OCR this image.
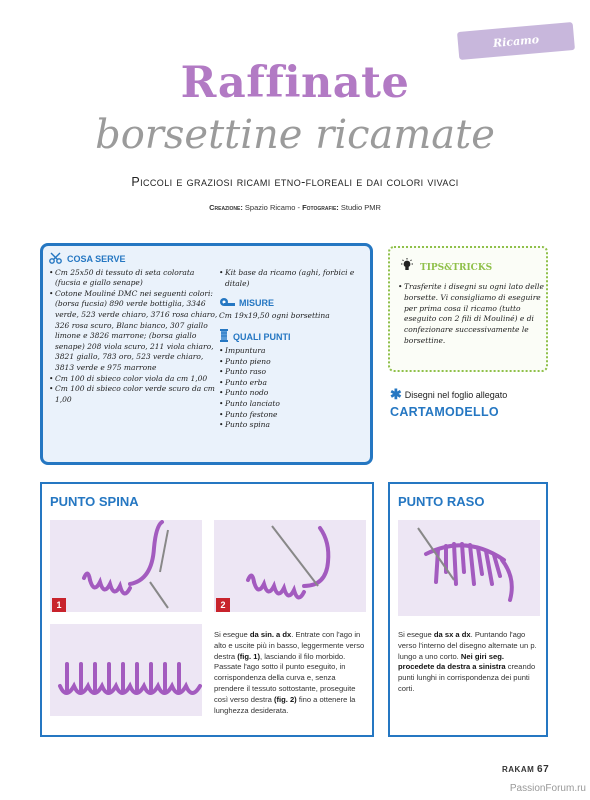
Ricamo
Raffinate
borsettine ricamate
Piccoli e graziosi ricami etno-floreali e dai colori vivaci
Creazione: Spazio Ricamo - Fotografie: Studio PMR
COSA SERVE
• Cm 25x50 di tessuto di seta colorata (fucsia e giallo senape)
• Cotone Mouliné DMC nei seguenti colori: (borsa fucsia) 890 verde bottiglia, 3346 verde, 523 verde chiaro, 3716 rosa chiaro, 326 rosa scuro, Blanc bianco, 307 giallo limone e 3826 marrone; (borsa giallo senape) 208 viola scuro, 211 viola chiaro, 3821 giallo, 783 oro, 523 verde chiaro, 3813 verde e 975 marrone
• Cm 100 di sbieco color viola da cm 1,00
• Cm 100 di sbieco color verde scuro da cm 1,00
• Kit base da ricamo (aghi, forbici e ditale)
MISURE
Cm 19x19,50 ogni borsettina
QUALI PUNTI
• Impuntura
• Punto pieno
• Punto raso
• Punto erba
• Punto nodo
• Punto lanciato
• Punto festone
• Punto spina
TIPS&TRICKS
• Trasferite i disegni su ogni lato delle borsette. Vi consigliamo di eseguire per prima cosa il ricamo (tutto eseguito con 2 fili di Mouliné) e di confezionare successivamente le borsettine.
✱ Disegni nel foglio allegato
CARTAMODELLO
PUNTO SPINA
1	2
Si esegue da sin. a dx. Entrate con l'ago in alto e uscite più in basso, leggermente verso destra (fig. 1), lasciando il filo morbido. Passate l'ago sotto il punto eseguito, in corrispondenza della curva e, senza prendere il tessuto sottostante, proseguite così verso destra (fig. 2) fino a ottenere la lunghezza desiderata.
PUNTO RASO
Si esegue da sx a dx. Puntando l'ago verso l'interno del disegno alternate un p. lungo a uno corto. Nei giri seg. procedete da destra a sinistra creando punti lunghi in corrispondenza dei punti corti.
RAKAM 67
PassionForum.ru
